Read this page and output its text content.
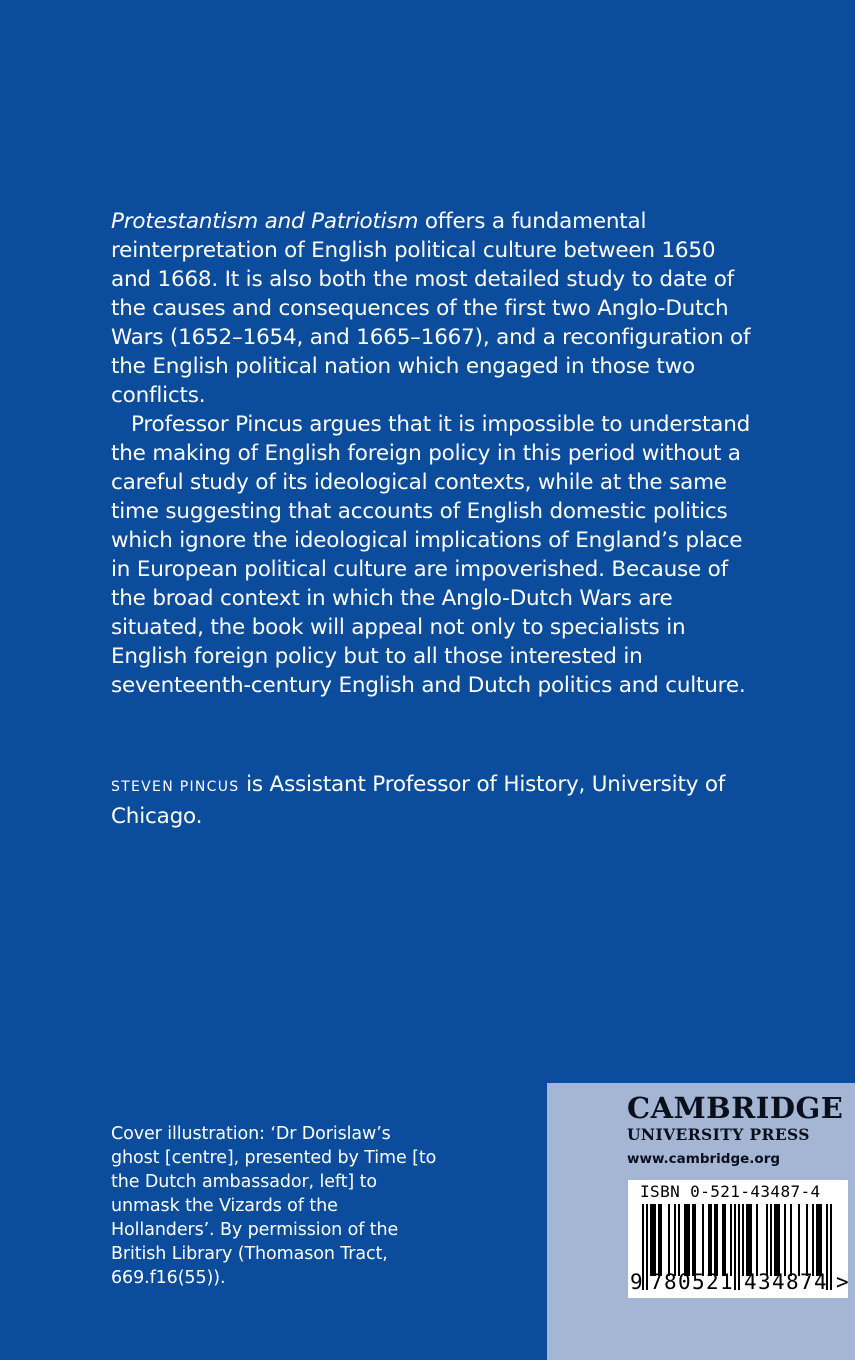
Protestantism and Patriotism offers a fundamental reinterpretation of English political culture between 1650 and 1668. It is also both the most detailed study to date of the causes and consequences of the first two Anglo-Dutch Wars (1652–1654, and 1665–1667), and a reconfiguration of the English political nation which engaged in those two conflicts.

Professor Pincus argues that it is impossible to understand the making of English foreign policy in this period without a careful study of its ideological contexts, while at the same time suggesting that accounts of English domestic politics which ignore the ideological implications of England’s place in European political culture are impoverished. Because of the broad context in which the Anglo-Dutch Wars are situated, the book will appeal not only to specialists in English foreign policy but to all those interested in seventeenth-century English and Dutch politics and culture.

STEVEN PINCUS is Assistant Professor of History, University of Chicago.

Cover illustration: ‘Dr Dorislaw’s ghost [centre], presented by Time [to the Dutch ambassador, left] to unmask the Vizards of the Hollanders’. By permission of the British Library (Thomason Tract, 669.f16(55)).

CAMBRIDGE
UNIVERSITY PRESS
www.cambridge.org
ISBN 0-521-43487-4
9 7 8 0 5 2 1 4 3 4 8 7 4 >
